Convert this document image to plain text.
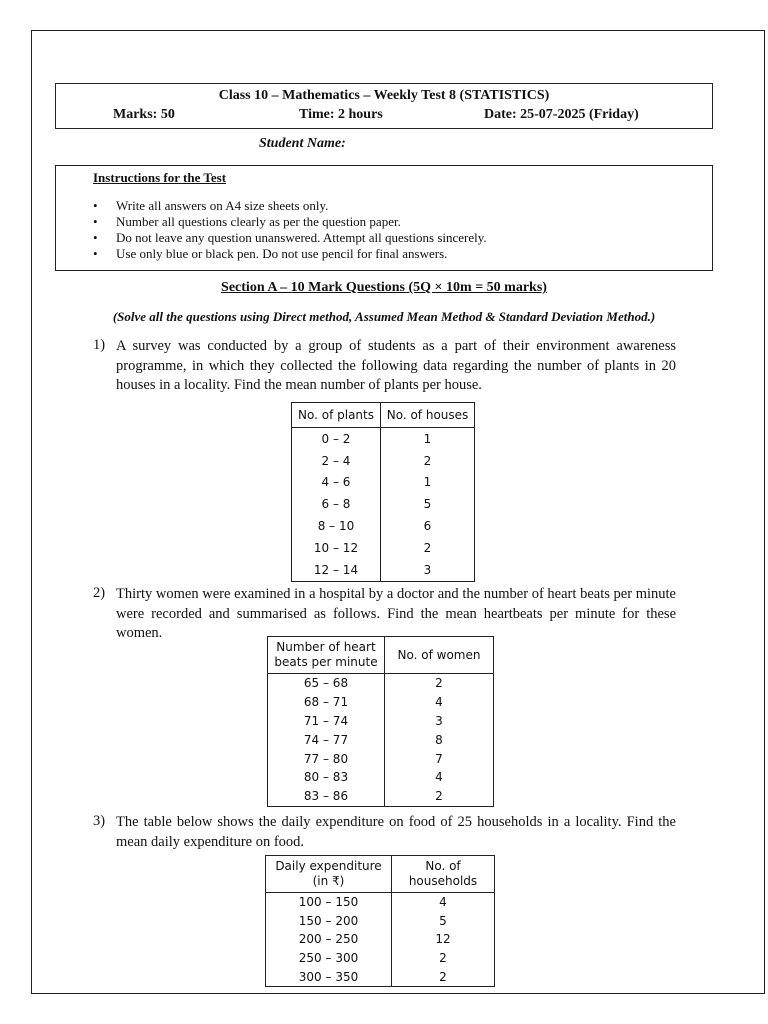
Class 10 – Mathematics – Weekly Test 8 (STATISTICS)
Marks: 50	Time: 2 hours	Date: 25-07-2025 (Friday)
Student Name:
Instructions for the Test
• Write all answers on A4 size sheets only.
• Number all questions clearly as per the question paper.
• Do not leave any question unanswered. Attempt all questions sincerely.
• Use only blue or black pen. Do not use pencil for final answers.
Section A – 10 Mark Questions (5Q × 10m = 50 marks)
(Solve all the questions using Direct method, Assumed Mean Method & Standard Deviation Method.)
1) A survey was conducted by a group of students as a part of their environment awareness programme, in which they collected the following data regarding the number of plants in 20 houses in a locality. Find the mean number of plants per house.
No. of plants	No. of houses
0 – 2	1
2 – 4	2
4 – 6	1
6 – 8	5
8 – 10	6
10 – 12	2
12 – 14	3
2) Thirty women were examined in a hospital by a doctor and the number of heart beats per minute were recorded and summarised as follows. Find the mean heartbeats per minute for these women.
Number of heart beats per minute	No. of women
65 – 68	2
68 – 71	4
71 – 74	3
74 – 77	8
77 – 80	7
80 – 83	4
83 – 86	2
3) The table below shows the daily expenditure on food of 25 households in a locality. Find the mean daily expenditure on food.
Daily expenditure (in ₹)	No. of households
100 – 150	4
150 – 200	5
200 – 250	12
250 – 300	2
300 – 350	2
